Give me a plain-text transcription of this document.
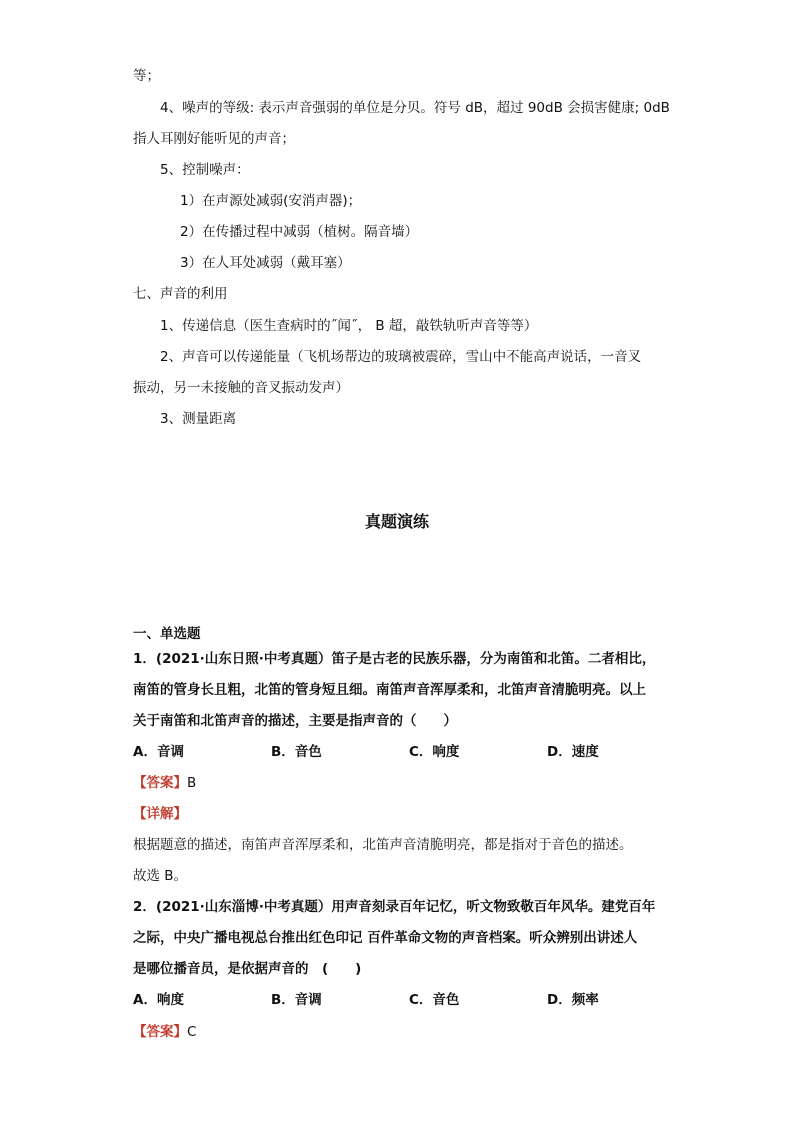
等；
4、噪声的等级: 表示声音强弱的单位是分贝。符号 dB，超过 90dB 会损害健康; 0dB
指人耳刚好能听见的声音；
5、控制噪声：
1）在声源处减弱(安消声器)；
2）在传播过程中减弱（植树。隔音墙）
3）在人耳处减弱（戴耳塞）
七、声音的利用
1、传递信息（医生查病时的˝闻˝， B 超，敲铁轨听声音等等）
2、声音可以传递能量（飞机场帮边的玻璃被震碎，雪山中不能高声说话，一音叉
振动，另一未接触的音叉振动发声）
3、测量距离
真题演练
一、单选题
1．(2021·山东日照·中考真题）笛子是古老的民族乐器，分为南笛和北笛。二者相比，
南笛的管身长且粗，北笛的管身短且细。南笛声音浑厚柔和，北笛声音清脆明亮。以上
关于南笛和北笛声音的描述，主要是指声音的（　　）
A．音调	B．音色	C．响度	D．速度
【答案】B
【详解】
根据题意的描述，南笛声音浑厚柔和，北笛声音清脆明亮，都是指对于音色的描述。
故选 B。
2．(2021·山东淄博·中考真题）用声音刻录百年记忆，听文物致敬百年风华。建党百年
之际，中央广播电视总台推出红色印记 百件革命文物的声音档案。听众辨别出讲述人
是哪位播音员，是依据声音的　(　　)
A．响度	B．音调	C．音色	D．频率
【答案】C
